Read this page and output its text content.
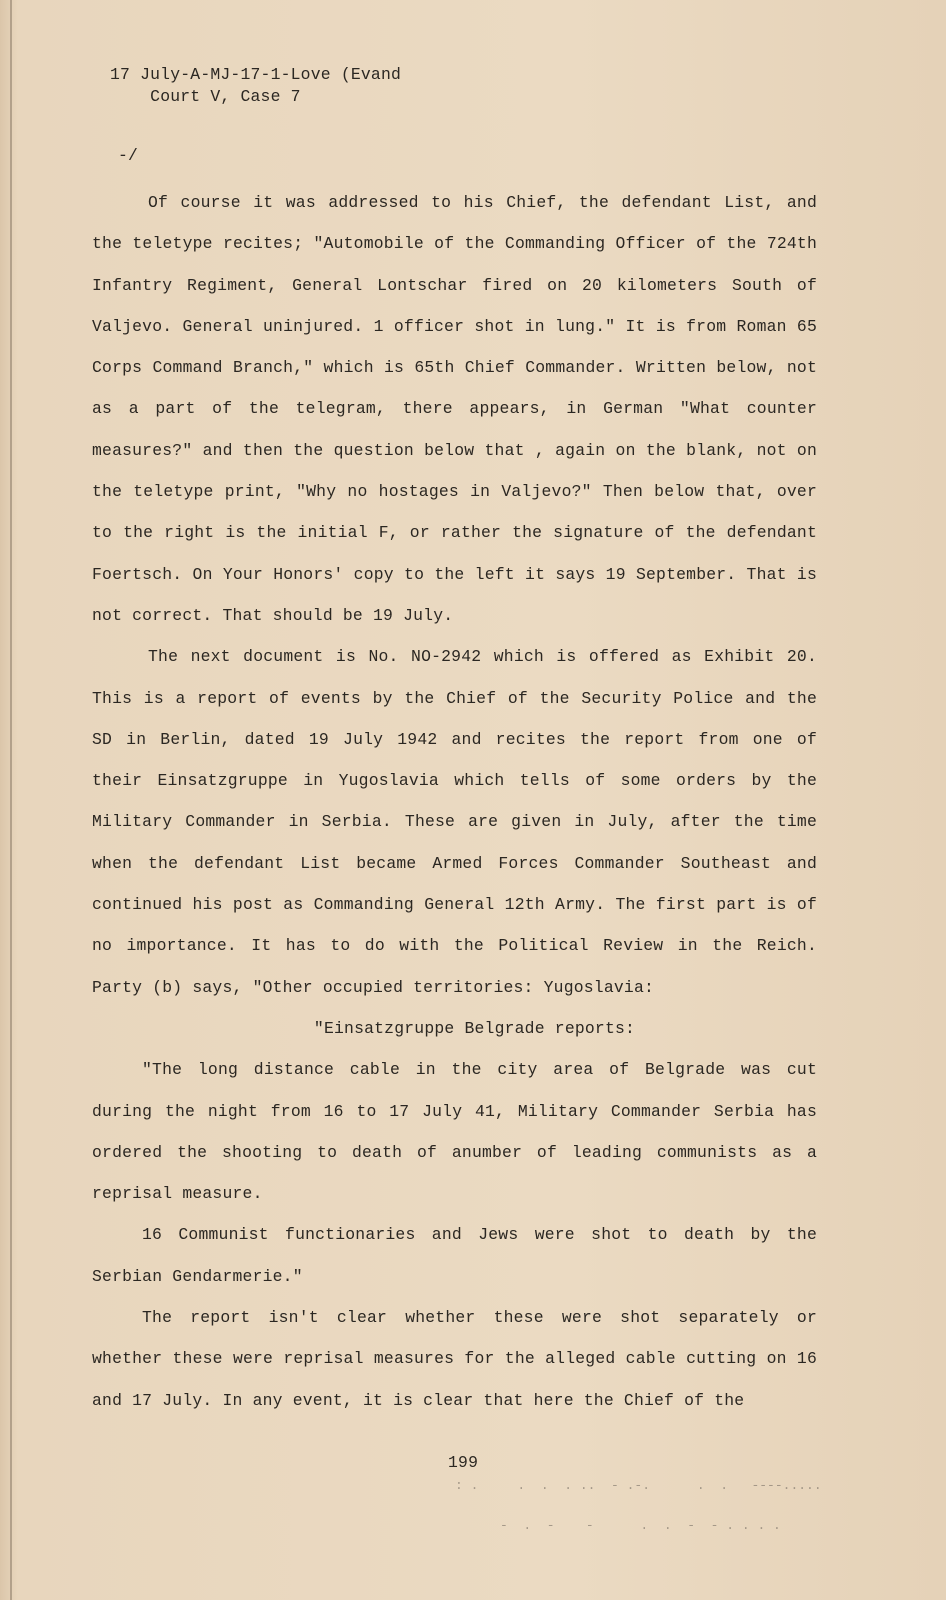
17 July-A-MJ-17-1-Love (Evand
Court V, Case 7
-/

Of course it was addressed to his Chief, the defendant List, and the teletype recites; "Automobile of the Commanding Officer of the 724th Infantry Regiment, General Lontschar fired on 20 kilometers South of Valjevo. General uninjured. 1 officer shot in lung." It is from Roman 65 Corps Command Branch," which is 65th Chief Commander. Written below, not as a part of the telegram, there appears, in German "What counter measures?" and then the question below that , again on the blank, not on the teletype print, "Why no hostages in Valjevo?" Then below that, over to the right is the initial F, or rather the signature of the defendant Foertsch. On Your Honors' copy to the left it says 19 September. That is not correct. That should be 19 July.

The next document is No. NO-2942 which is offered as Exhibit 20. This is a report of events by the Chief of the Security Police and the SD in Berlin, dated 19 July 1942 and recites the report from one of their Einsatzgruppe in Yugoslavia which tells of some orders by the Military Commander in Serbia. These are given in July, after the time when the defendant List became Armed Forces Commander Southeast and continued his post as Commanding General 12th Army. The first part is of no importance. It has to do with the Political Review in the Reich. Party (b) says, "Other occupied territories: Yugoslavia:

"Einsatzgruppe Belgrade reports:

"The long distance cable in the city area of Belgrade was cut during the night from 16 to 17 July 41, Military Commander Serbia has ordered the shooting to death of anumber of leading communists as a reprisal measure.

16 Communist functionaries and Jews were shot to death by the Serbian Gendarmerie."

The report isn't clear whether these were shot separately or whether these were reprisal measures for the alleged cable cutting on 16 and 17 July. In any event, it is clear that here the Chief of the

199
: .     .  .  . ..  - .-.      .  .   ----.....
-  .  -    -      .  .  -  - . . . .
